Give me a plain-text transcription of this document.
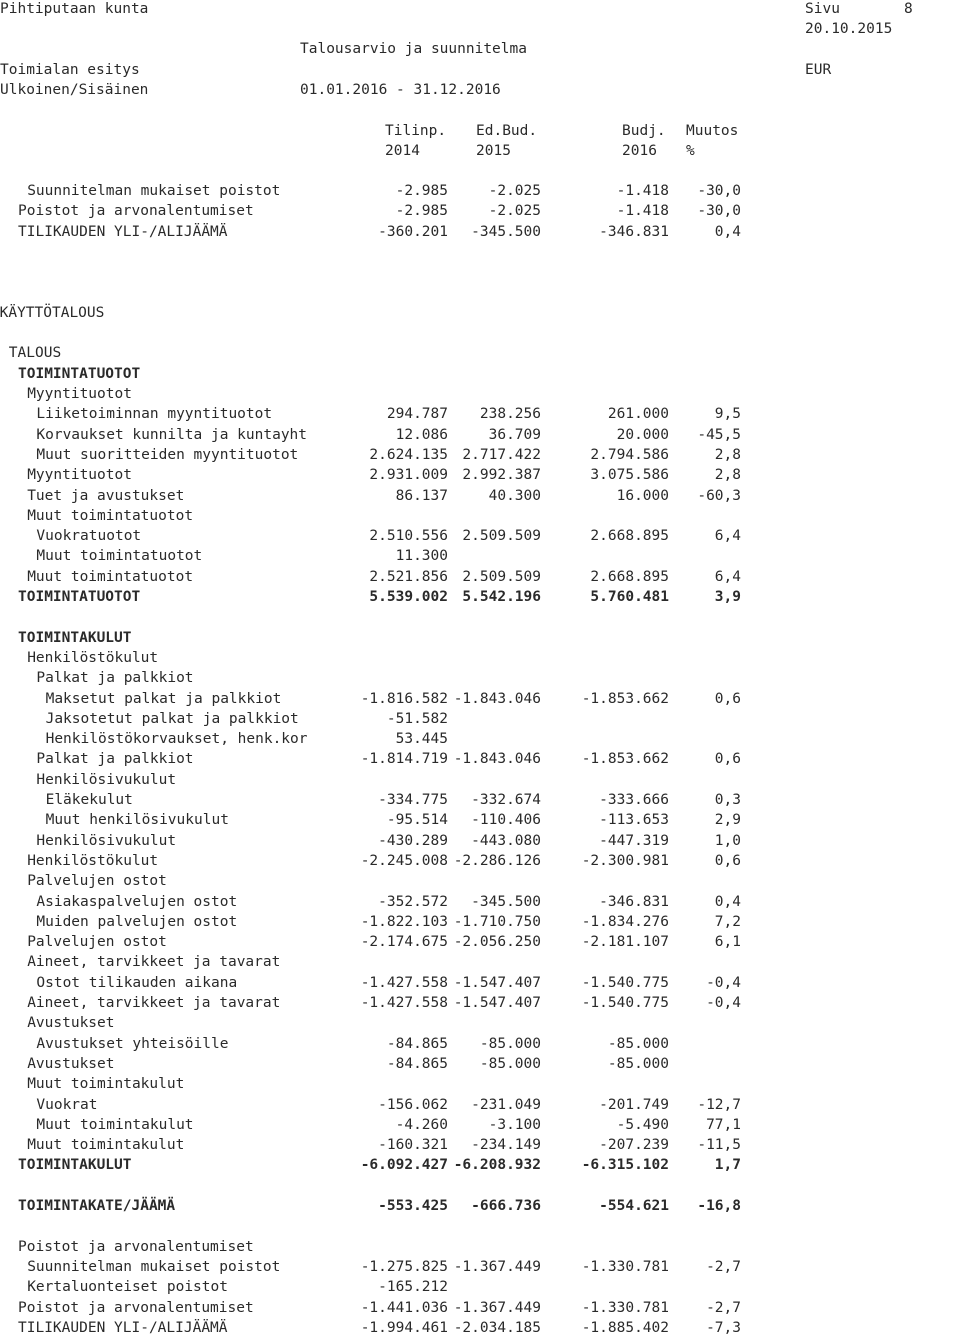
Pihtiputaan kunta	Sivu	8
20.10.2015
Talousarvio ja suunnitelma
Toimialan esitys	EUR
Ulkoinen/Sisäinen	01.01.2016 - 31.12.2016
Tilinp. Ed.Bud.	Budj. Muutos
2014	2015	2016 %
Suunnitelman mukaiset poistot	-2.985	-2.025	-1.418 -30,0
Poistot ja arvonalentumiset	-2.985	-2.025	-1.418 -30,0
TILIKAUDEN YLI-/ALIJÄÄMÄ	-360.201 -345.500	-346.831	0,4
KÄYTTÖTALOUS
TALOUS
TOIMINTATUOTOT
Myyntituotot
Liiketoiminnan myyntituotot	294.787 238.256	261.000	9,5
Korvaukset kunnilta ja kuntayht	12.086	36.709	20.000 -45,5
Muut suoritteiden myyntituotot	2.624.135 2.717.422	2.794.586	2,8
Myyntituotot	2.931.009 2.992.387	3.075.586	2,8
Tuet ja avustukset	86.137	40.300	16.000 -60,3
Muut toimintatuotot
Vuokratuotot	2.510.556 2.509.509	2.668.895	6,4
Muut toimintatuotot	11.300
Muut toimintatuotot	2.521.856 2.509.509	2.668.895	6,4
TOIMINTATUOTOT	5.539.002 5.542.196	5.760.481	3,9
TOIMINTAKULUT
Henkilöstökulut
Palkat ja palkkiot
Maksetut palkat ja palkkiot	-1.816.582 -1.843.046	-1.853.662	0,6
Jaksotetut palkat ja palkkiot	-51.582
Henkilöstökorvaukset, henk.kor	53.445
Palkat ja palkkiot	-1.814.719 -1.843.046	-1.853.662	0,6
Henkilösivukulut
Eläkekulut	-334.775 -332.674	-333.666	0,3
Muut henkilösivukulut	-95.514 -110.406	-113.653	2,9
Henkilösivukulut	-430.289 -443.080	-447.319	1,0
Henkilöstökulut	-2.245.008 -2.286.126	-2.300.981	0,6
Palvelujen ostot
Asiakaspalvelujen ostot	-352.572 -345.500	-346.831	0,4
Muiden palvelujen ostot	-1.822.103 -1.710.750	-1.834.276	7,2
Palvelujen ostot	-2.174.675 -2.056.250	-2.181.107	6,1
Aineet, tarvikkeet ja tavarat
Ostot tilikauden aikana	-1.427.558 -1.547.407	-1.540.775	-0,4
Aineet, tarvikkeet ja tavarat	-1.427.558 -1.547.407	-1.540.775	-0,4
Avustukset
Avustukset yhteisöille	-84.865 -85.000	-85.000
Avustukset	-84.865 -85.000	-85.000
Muut toimintakulut
Vuokrat	-156.062 -231.049	-201.749 -12,7
Muut toimintakulut	-4.260	-3.100	-5.490	77,1
Muut toimintakulut	-160.321 -234.149	-207.239 -11,5
TOIMINTAKULUT	-6.092.427 -6.208.932	-6.315.102	1,7
TOIMINTAKATE/JÄÄMÄ	-553.425 -666.736	-554.621 -16,8
Poistot ja arvonalentumiset
Suunnitelman mukaiset poistot	-1.275.825 -1.367.449	-1.330.781	-2,7
Kertaluonteiset poistot	-165.212
Poistot ja arvonalentumiset	-1.441.036 -1.367.449	-1.330.781	-2,7
TILIKAUDEN YLI-/ALIJÄÄMÄ	-1.994.461 -2.034.185	-1.885.402	-7,3
